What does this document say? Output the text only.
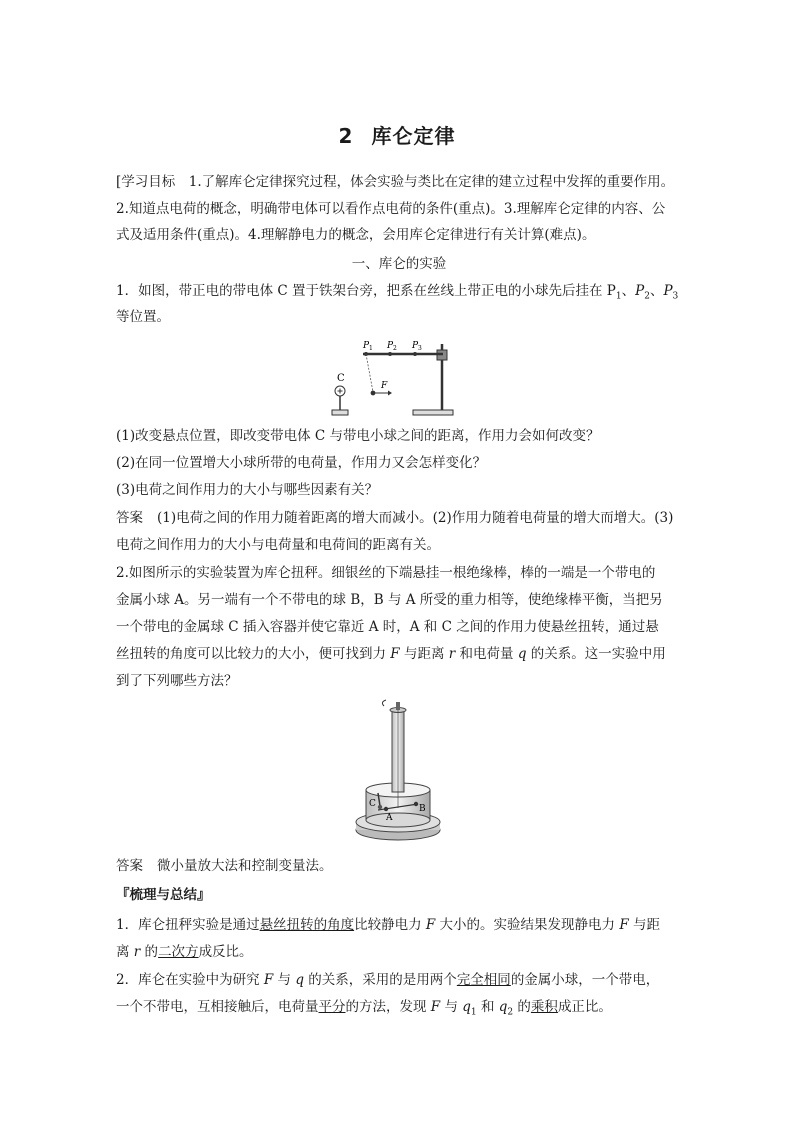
2 库仑定律
[学习目标　1.了解库仑定律探究过程，体会实验与类比在定律的建立过程中发挥的重要作用。
2.知道点电荷的概念，明确带电体可以看作点电荷的条件(重点)。3.理解库仑定律的内容、公
式及适用条件(重点)。4.理解静电力的概念，会用库仑定律进行有关计算(难点)。
一、库仑的实验
1．如图，带正电的带电体 C 置于铁架台旁，把系在丝线上带正电的小球先后挂在 $P_1$、$P_2$、$P_3$
等位置。
P 1 P 2 P 3
F
C
(1)改变悬点位置，即改变带电体 C 与带电小球之间的距离，作用力会如何改变？
(2)在同一位置增大小球所带的电荷量，作用力又会怎样变化？
(3)电荷之间作用力的大小与哪些因素有关？
答案 (1)电荷之间的作用力随着距离的增大而减小。(2)作用力随着电荷量的增大而增大。(3)
电荷之间作用力的大小与电荷量和电荷间的距离有关。
2.如图所示的实验装置为库仑扭秤。细银丝的下端悬挂一根绝缘棒，棒的一端是一个带电的
金属小球 A。另一端有一个不带电的球 B，B 与 A 所受的重力相等，使绝缘棒平衡，当把另
一个带电的金属球 C 插入容器并使它靠近 A 时，A 和 C 之间的作用力使悬丝扭转，通过悬
丝扭转的角度可以比较力的大小，便可找到力 F 与距离 r 和电荷量 q 的关系。这一实验中用
到了下列哪些方法？
C
A
B
答案 微小量放大法和控制变量法。
『梳理与总结』
1．库仑扭秤实验是通过悬丝扭转的角度比较静电力 F 大小的。实验结果发现静电力 F 与距
离 r 的二次方成反比。
2．库仑在实验中为研究 F 与 q 的关系，采用的是用两个完全相同的金属小球，一个带电，
一个不带电，互相接触后，电荷量平分的方法，发现 F 与 $q_1$ 和 $q_2$ 的乘积成正比。
